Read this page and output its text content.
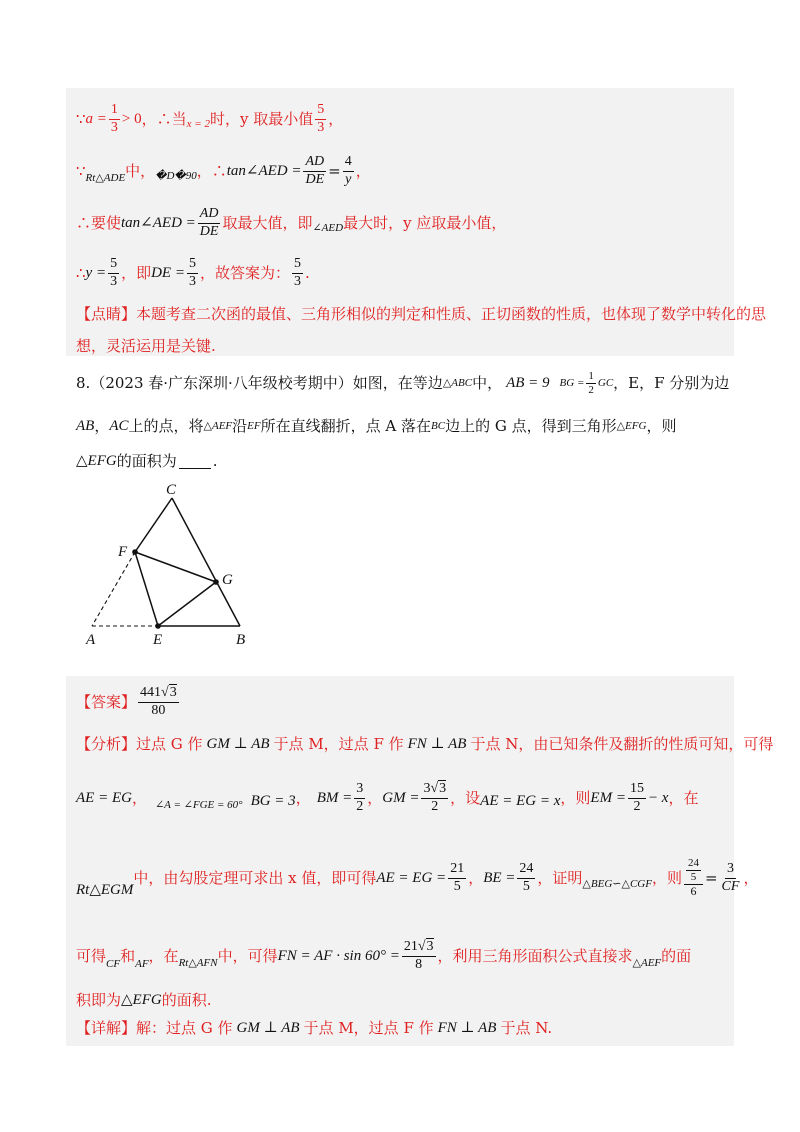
∵ $a = \frac{1}{3} > 0$ ，∴当 x = 2 时，y 取最小值 $\frac{5}{3}$ ，
∵ Rt△ADE 中， �D�90 ，∴ tan∠AED = $\frac{AD}{DE} = \frac{4}{y}$ ，
∴要使 tan∠AED = $\frac{AD}{DE}$ 取最大值，即 ∠AED 最大时，y 应取最小值，
∴ $y = \frac{5}{3}$ ，即 DE = $\frac{5}{3}$ ，故答案为： $\frac{5}{3}$ .
【点睛】 本题考查二次函的最值、三角形相似的判定和性质、正切函数的性质，也体现了数学中转化的思
想，灵活运用是关键.
8. （2023 春·广东深圳·八年级校考期中） 如图，在等边 △ABC 中， AB = 9 BG = $\frac{1}{2}$ GC ，E，F 分别为边
AB ， AC 上的点，将 △AEF 沿 EF 所在直线翻折，点 A 落在 BC 边上的 G 点，得到三角形 △EFG ，则
△EFG 的面积为 .
C
F
G
A	E	B
【答案】 $\frac{441√3}{80}$
【分析】 过点 G 作 GM ⊥ AB 于点 M，过点 F 作 FN ⊥ AB 于点 N，由已知条件及翻折的性质可知，可得
AE = EG ， ∠A = ∠FGE = 60° BG = 3 ， BM = $\frac{3}{2}$ ， GM = $\frac{3√3}{2}$ ，设 AE = EG = x ，则 EM = $\frac{15}{2} - x$ ，在
Rt△EGM
中，由勾股定理可求出 x 值，即可得 AE = EG = $\frac{21}{5}$ ， BE = $\frac{24}{5}$ ，证明 △BEG∽△CGF ，则 $\frac{\frac{24}{5}}{6} = \frac{3}{CF}$ ，
可得 CF 和 AF ，在 Rt△AFN 中，可得 FN = AF · $\sin 60^\circ = \frac{21√3}{8}$ ，利用三角形面积公式直接求 △AEF 的面
积即为 △EFG 的面积.
【详解】 解：过点 G 作 GM ⊥ AB 于点 M，过点 F 作 FN ⊥ AB 于点 N.
